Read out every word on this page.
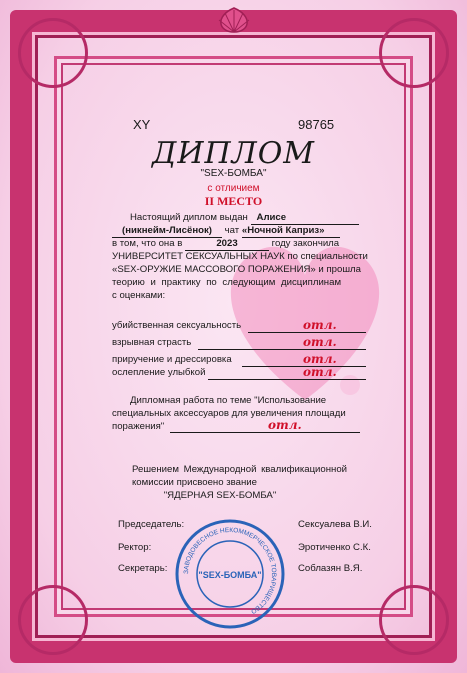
XY	98765
ДИПЛОМ
"SEX-БОМБА"
с отличием
II МЕСТО
Настоящий диплом выдан Алисе
(никнейм-Лисёнок) чат «Ночной Каприз»
в том, что она в	2023	году закончила
УНИВЕРСИТЕТ СЕКСУАЛЬНЫХ НАУК по специальности
«SEX-ОРУЖИЕ МАССОВОГО ПОРАЖЕНИЯ» и прошла
теорию и практику по следующим дисциплинам
с оценками:
убийственная сексуальность	отл.
взрывная страсть	отл.
приручение и дрессировка	отл.
ослепление улыбкой	отл.
Дипломная работа по теме "Использование
специальных аксессуаров для увеличения площади
поражения"	отл.
Решением Международной квалификационной
комиссии присвоено звание
"ЯДЕРНАЯ SEX-БОМБА"
Председатель:	Сексуалева В.И.
Ректор:	Эротиченко С.К.
Секретарь:	Соблазян В.Я.
ЗАВОДОВЕСНОЕ НЕКОММЕРЧЕСКОЕ ТОВАРИЩЕСТВО
"SEX-БОМБА"
